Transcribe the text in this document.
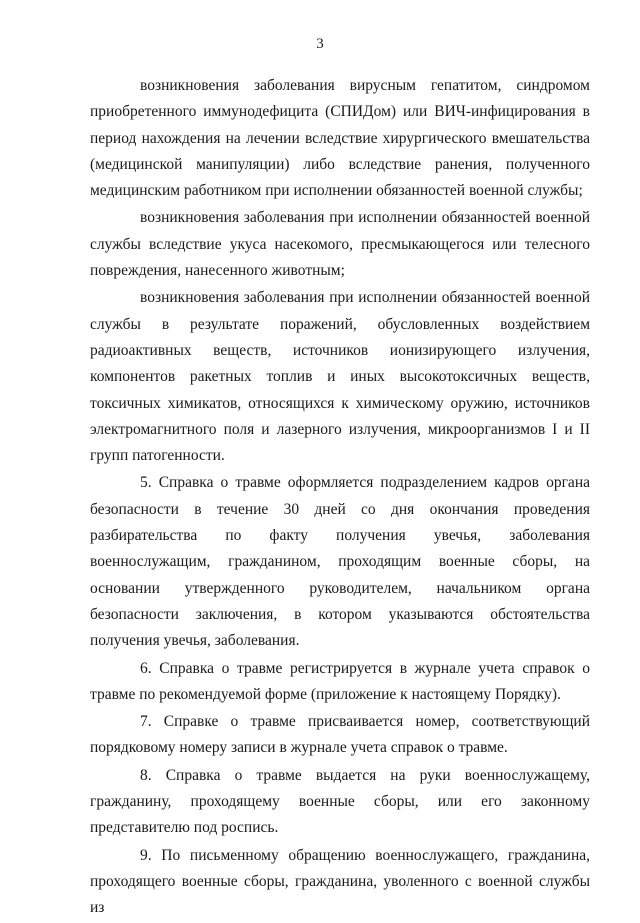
3

возникновения заболевания вирусным гепатитом, синдромом приобретенного иммунодефицита (СПИДом) или ВИЧ-инфицирования в период нахождения на лечении вследствие хирургического вмешательства (медицинской манипуляции) либо вследствие ранения, полученного медицинским работником при исполнении обязанностей военной службы;

возникновения заболевания при исполнении обязанностей военной службы вследствие укуса насекомого, пресмыкающегося или телесного повреждения, нанесенного животным;

возникновения заболевания при исполнении обязанностей военной службы в результате поражений, обусловленных воздействием радиоактивных веществ, источников ионизирующего излучения, компонентов ракетных топлив и иных высокотоксичных веществ, токсичных химикатов, относящихся к химическому оружию, источников электромагнитного поля и лазерного излучения, микроорганизмов I и II групп патогенности.

5. Справка о травме оформляется подразделением кадров органа безопасности в течение 30 дней со дня окончания проведения разбирательства по факту получения увечья, заболевания военнослужащим, гражданином, проходящим военные сборы, на основании утвержденного руководителем, начальником органа безопасности заключения, в котором указываются обстоятельства получения увечья, заболевания.

6. Справка о травме регистрируется в журнале учета справок о травме по рекомендуемой форме (приложение к настоящему Порядку).

7. Справке о травме присваивается номер, соответствующий порядковому номеру записи в журнале учета справок о травме.

8. Справка о травме выдается на руки военнослужащему, гражданину, проходящему военные сборы, или его законному представителю под роспись.

9. По письменному обращению военнослужащего, гражданина, проходящего военные сборы, гражданина, уволенного с военной службы из
